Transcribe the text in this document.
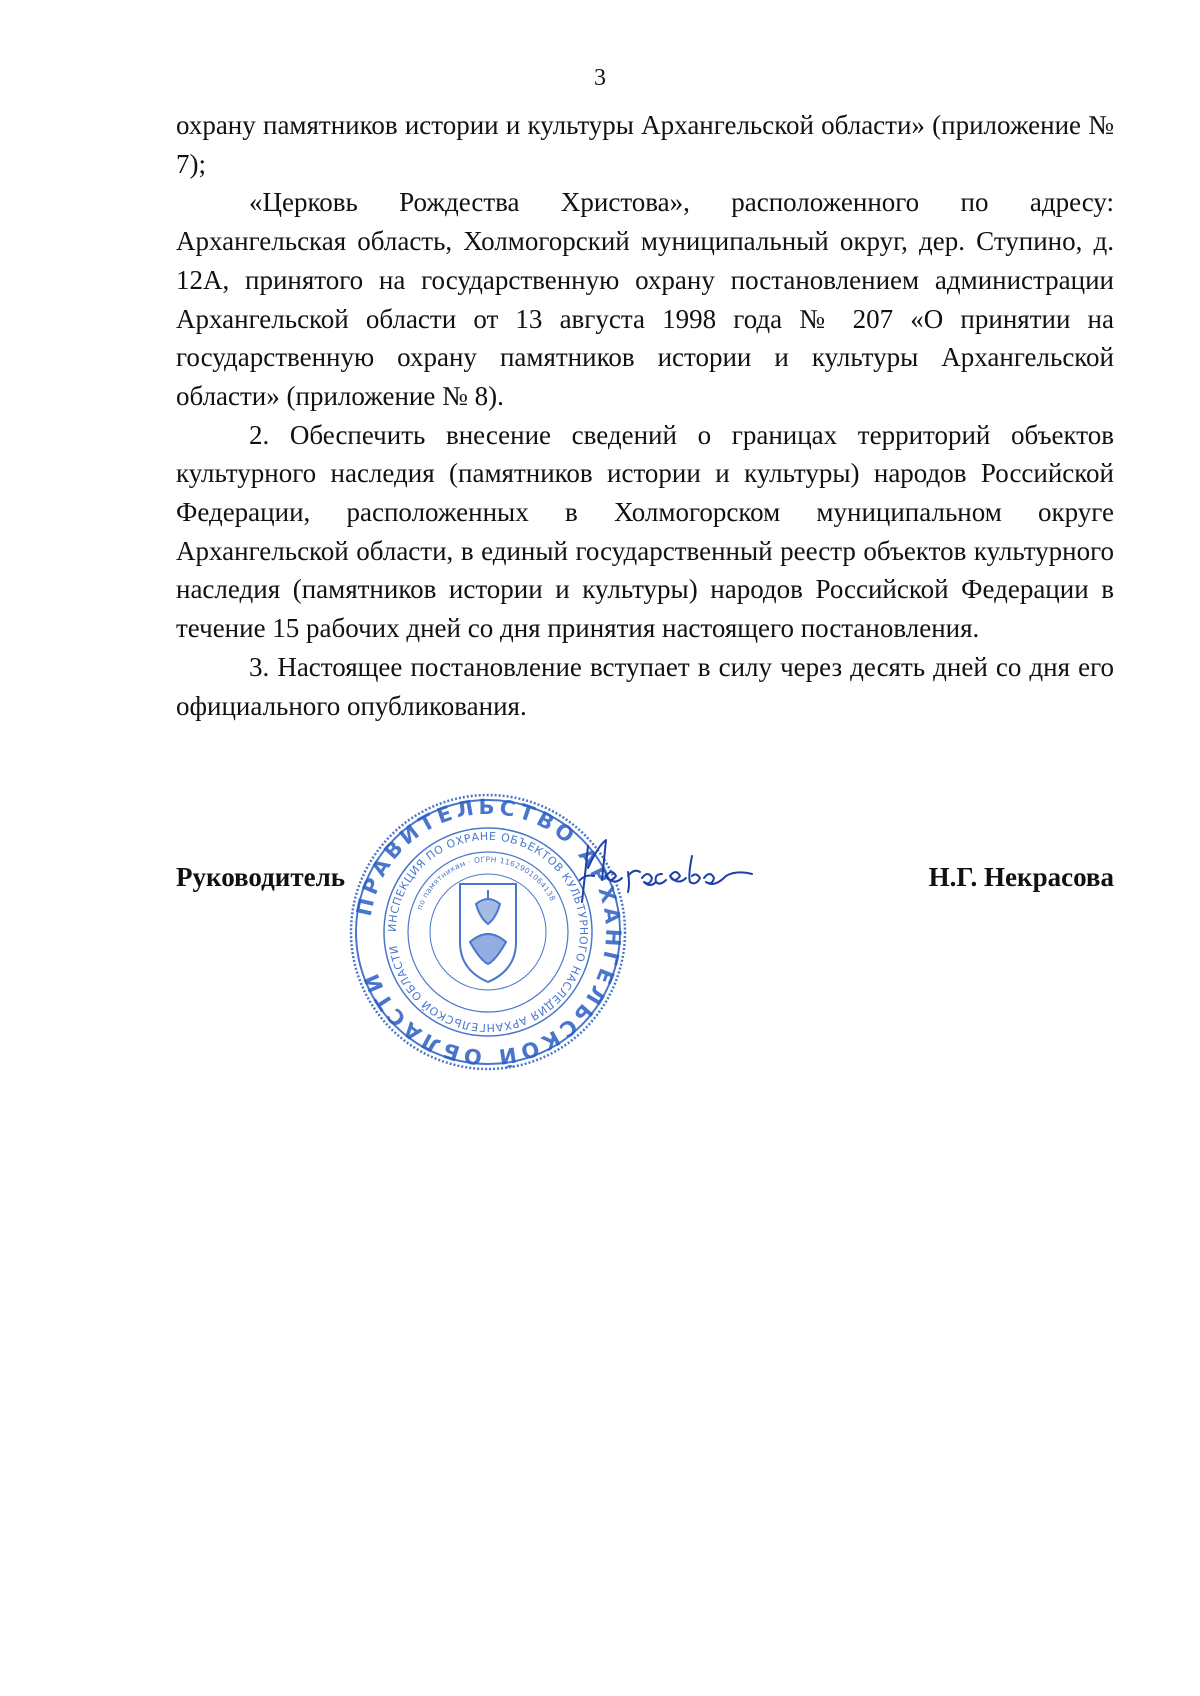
3

охрану памятников истории и культуры Архангельской области» (приложение № 7);

«Церковь Рождества Христова», расположенного по адресу: Архангельская область, Холмогорский муниципальный округ, дер. Ступино, д. 12А, принятого на государственную охрану постановлением администрации Архангельской области от 13 августа 1998 года № 207 «О принятии на государственную охрану памятников истории и культуры Архангельской области» (приложение № 8).

2. Обеспечить внесение сведений о границах территорий объектов культурного наследия (памятников истории и культуры) народов Российской Федерации, расположенных в Холмогорском муниципальном округе Архангельской области, в единый государственный реестр объектов культурного наследия (памятников истории и культуры) народов Российской Федерации в течение 15 рабочих дней со дня принятия настоящего постановления.

3. Настоящее постановление вступает в силу через десять дней со дня его официального опубликования.

Руководитель	Н.Г. Некрасова
ПРАВИТЕЛЬСТВО АРХАНГЕЛЬСКОЙ ОБЛАСТИ
ИНСПЕКЦИЯ ПО ОХРАНЕ ОБЪЕКТОВ КУЛЬТУРНОГО НАСЛЕДИЯ АРХАНГЕЛЬСКОЙ ОБЛАСТИ
по памятникам · ОГРН 1162901064138
